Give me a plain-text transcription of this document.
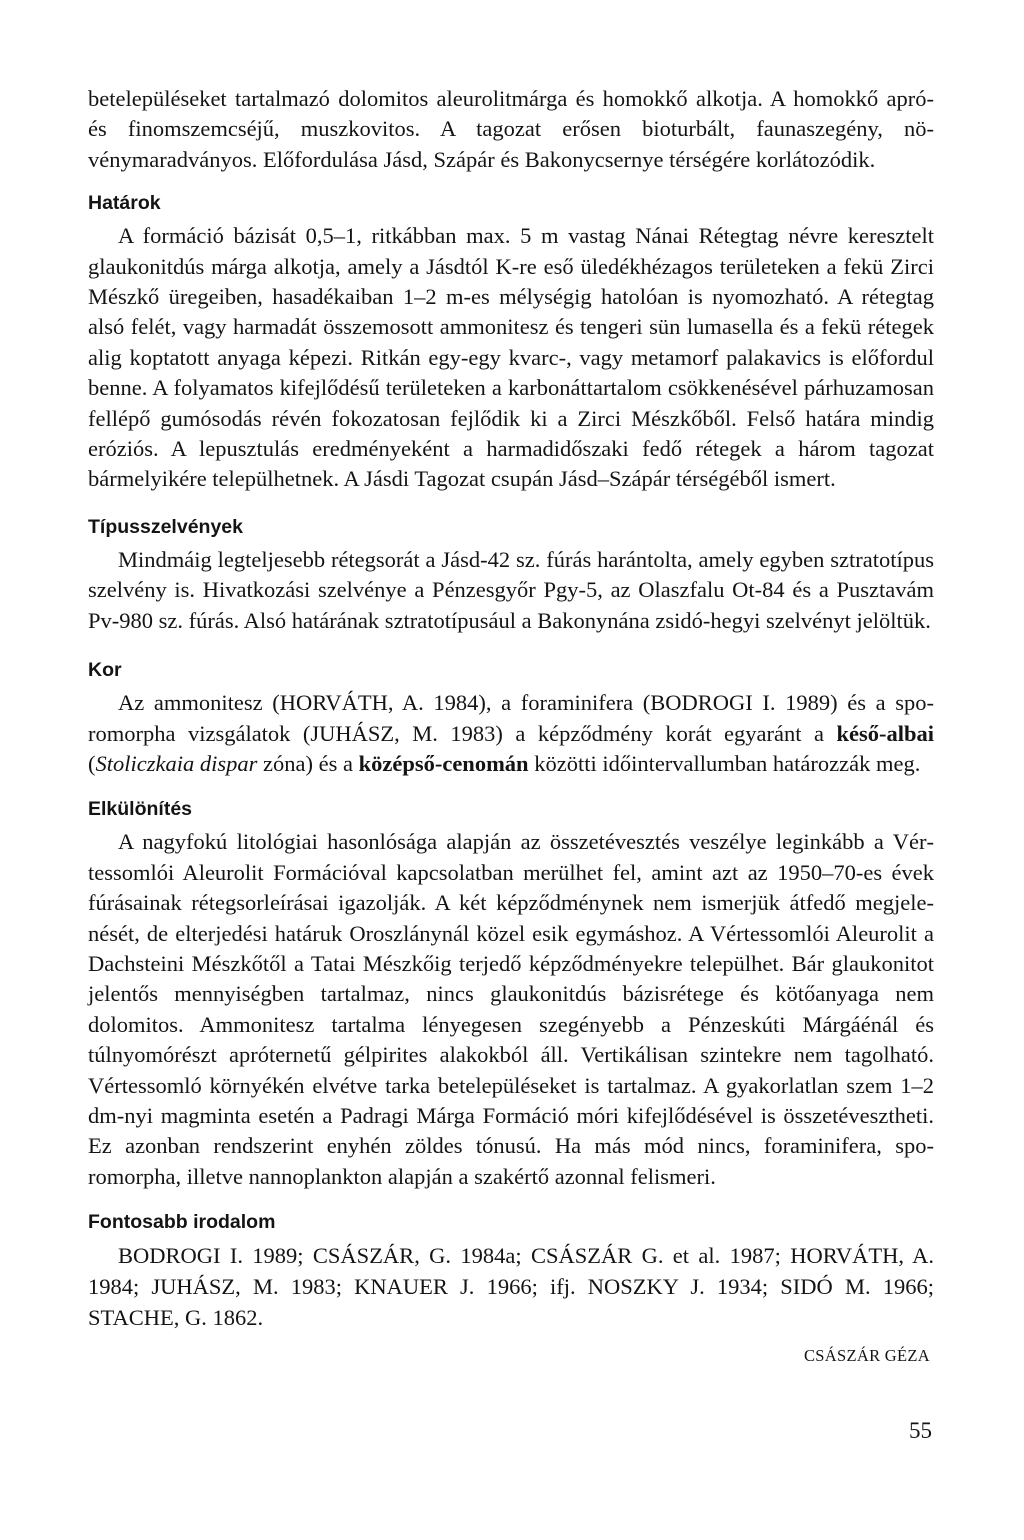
betelepüléseket tartalmazó dolomitos aleurolitmárga és homokkő alkotja. A homokkő apró- és finomszemcséjű, muszkovitos. A tagozat erősen bioturbált, faunaszegény, növénymaradványos. Előfordulása Jásd, Szápár és Bakonycsernye térségére korlátozódik.

Határok

A formáció bázisát 0,5–1, ritkábban max. 5 m vastag Nánai Rétegtag névre keresztelt glaukonitdús márga alkotja, amely a Jásdtól K-re eső üledékhézagos területeken a fekü Zirci Mészkő üregeiben, hasadékaiban 1–2 m-es mélységig hatolóan is nyomozható. A rétegtag alsó felét, vagy harmadát összemosott ammonitesz és tengeri sün lumasella és a fekü rétegek alig koptatott anyaga képezi. Ritkán egy-egy kvarc-, vagy metamorf palakavics is előfordul benne. A folyamatos kifejlődésű területeken a karbonáttartalom csökkenésével párhuzamosan fellépő gumósodás révén fokozatosan fejlődik ki a Zirci Mészkőből. Felső határa mindig eróziós. A lepusztulás eredményeként a harmadidőszaki fedő rétegek a három tagozat bármelyikére települhetnek. A Jásdi Tagozat csupán Jásd–Szápár térségéből ismert.

Típusszelvények

Mindmáig legteljesebb rétegsorát a Jásd-42 sz. fúrás harántolta, amely egyben sztratotípus szelvény is. Hivatkozási szelvénye a Pénzesgyőr Pgy-5, az Olaszfalu Ot-84 és a Pusztavám Pv-980 sz. fúrás. Alsó határának sztratotípusául a Bakonynána zsidó-hegyi szelvényt jelöltük.

Kor

Az ammonitesz (HORVÁTH, A. 1984), a foraminifera (BODROGI I. 1989) és a sporomorpha vizsgálatok (JUHÁSZ, M. 1983) a képződmény korát egyaránt a késő-albai (Stoliczkaia dispar zóna) és a középső-cenomán közötti időintervallumban határozzák meg.

Elkülönítés

A nagyfokú litológiai hasonlósága alapján az összetévesztés veszélye leginkább a Vértessomlói Aleurolit Formációval kapcsolatban merülhet fel, amint azt az 1950–70-es évek fúrásainak rétegsorleírásai igazolják. A két képződménynek nem ismerjük átfedő megjelenését, de elterjedési határuk Oroszlánynál közel esik egymáshoz. A Vértessomlói Aleurolit a Dachsteini Mészkőtől a Tatai Mészkőig terjedő képződményekre települhet. Bár glaukonitot jelentős mennyiségben tartalmaz, nincs glaukonitdús bázisrétege és kötőanyaga nem dolomitos. Ammonitesz tartalma lényegesen szegényebb a Pénzeskúti Márgáénál és túlnyomórészt apróternetű gélpirites alakokból áll. Vertikálisan szintekre nem tagolható. Vértessomló környékén elvétve tarka betelepüléseket is tartalmaz. A gyakorlatlan szem 1–2 dm-nyi magminta esetén a Padragi Márga Formáció móri kifejlődésével is összetévesztheti. Ez azonban rendszerint enyhén zöldes tónusú. Ha más mód nincs, foraminifera, sporomorpha, illetve nannoplankton alapján a szakértő azonnal felismeri.

Fontosabb irodalom

BODROGI I. 1989; CSÁSZÁR, G. 1984a; CSÁSZÁR G. et al. 1987; HORVÁTH, A. 1984; JUHÁSZ, M. 1983; KNAUER J. 1966; ifj. NOSZKY J. 1934; SIDÓ M. 1966; STACHE, G. 1862.

CSÁSZÁR GÉZA
55
